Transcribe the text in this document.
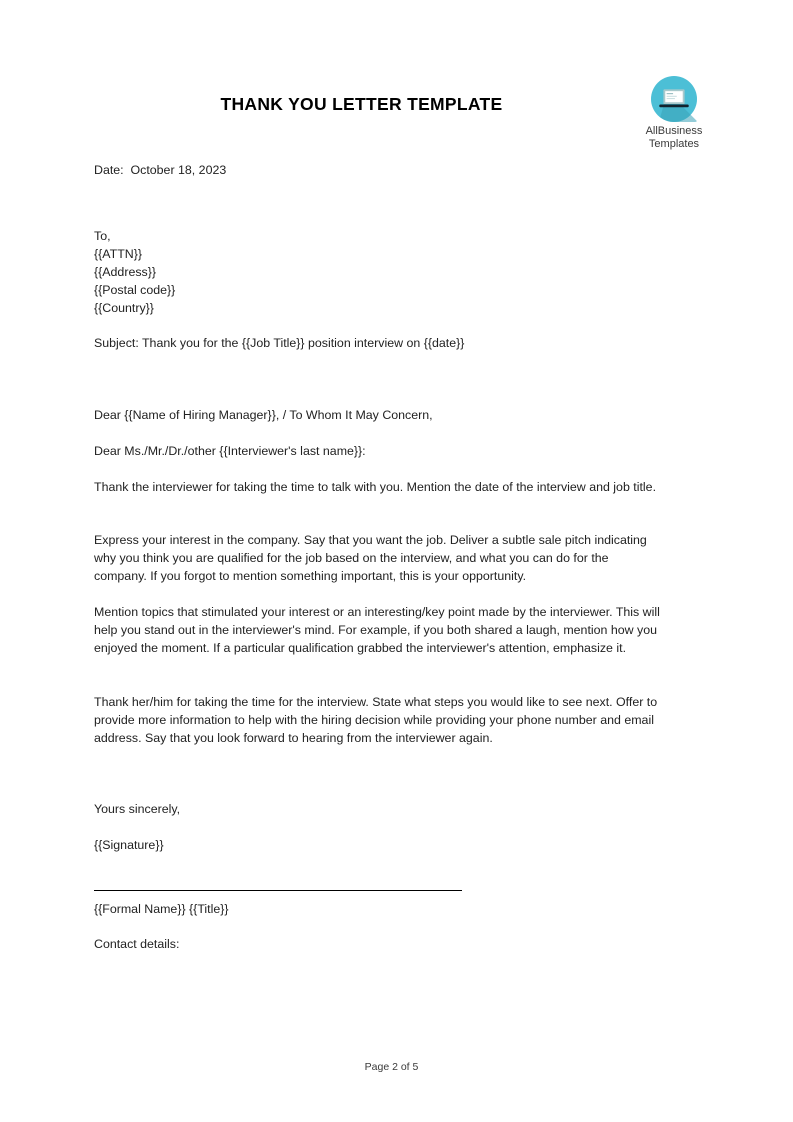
THANK YOU LETTER TEMPLATE
AllBusiness
Templates
Date:  October 18, 2023
To,
{{ATTN}}
{{Address}}
{{Postal code}}
{{Country}}
Subject: Thank you for the {{Job Title}} position interview on {{date}}
Dear {{Name of Hiring Manager}}, / To Whom It May Concern,
Dear Ms./Mr./Dr./other {{Interviewer's last name}}:
Thank the interviewer for taking the time to talk with you. Mention the date of the interview and job title.
Express your interest in the company. Say that you want the job. Deliver a subtle sale pitch indicating why you think you are qualified for the job based on the interview, and what you can do for the company. If you forgot to mention something important, this is your opportunity.
Mention topics that stimulated your interest or an interesting/key point made by the interviewer. This will help you stand out in the interviewer's mind. For example, if you both shared a laugh, mention how you enjoyed the moment. If a particular qualification grabbed the interviewer's attention, emphasize it.
Thank her/him for taking the time for the interview. State what steps you would like to see next. Offer to provide more information to help with the hiring decision while providing your phone number and email address. Say that you look forward to hearing from the interviewer again.
Yours sincerely,
{{Signature}}
{{Formal Name}} {{Title}}
Contact details:
Page 2 of 5
